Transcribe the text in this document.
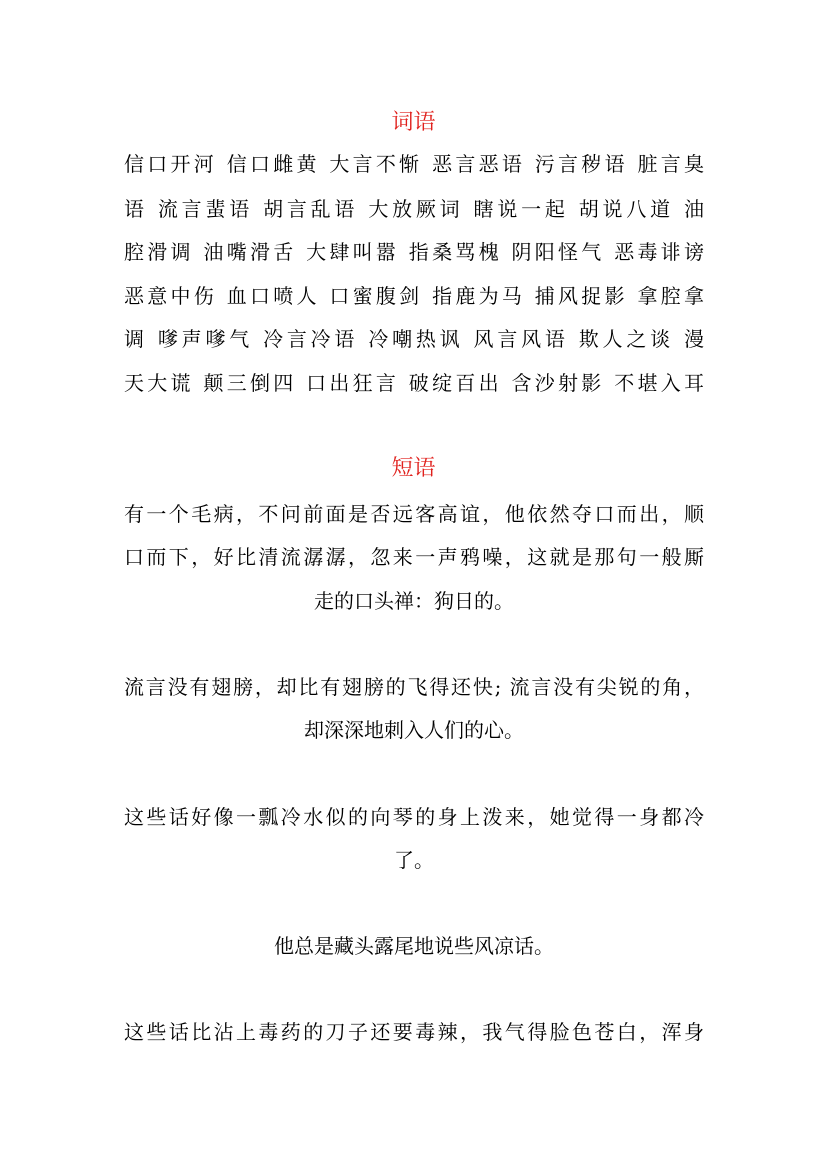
词语

信口开河 信口雌黄 大言不惭 恶言恶语 污言秽语 脏言臭

语 流言蜚语 胡言乱语 大放厥词 瞎说一起 胡说八道 油

腔滑调 油嘴滑舌 大肆叫嚣 指桑骂槐 阴阳怪气 恶毒诽谤

恶意中伤 血口喷人 口蜜腹剑 指鹿为马 捕风捉影 拿腔拿

调 嗲声嗲气 冷言冷语 冷嘲热讽 风言风语 欺人之谈 漫

天大谎 颠三倒四 口出狂言 破绽百出 含沙射影 不堪入耳

短语

有一个毛病，不问前面是否远客高谊，他依然夺口而出，顺

口而下，好比清流潺潺，忽来一声鸦噪，这就是那句一般厮

走的口头禅：狗日的。

流言没有翅膀，却比有翅膀的飞得还快; 流言没有尖锐的角，

却深深地刺入人们的心。

这些话好像一瓢冷水似的向琴的身上泼来，她觉得一身都冷

了。

他总是藏头露尾地说些风凉话。

这些话比沾上毒药的刀子还要毒辣，我气得脸色苍白，浑身
